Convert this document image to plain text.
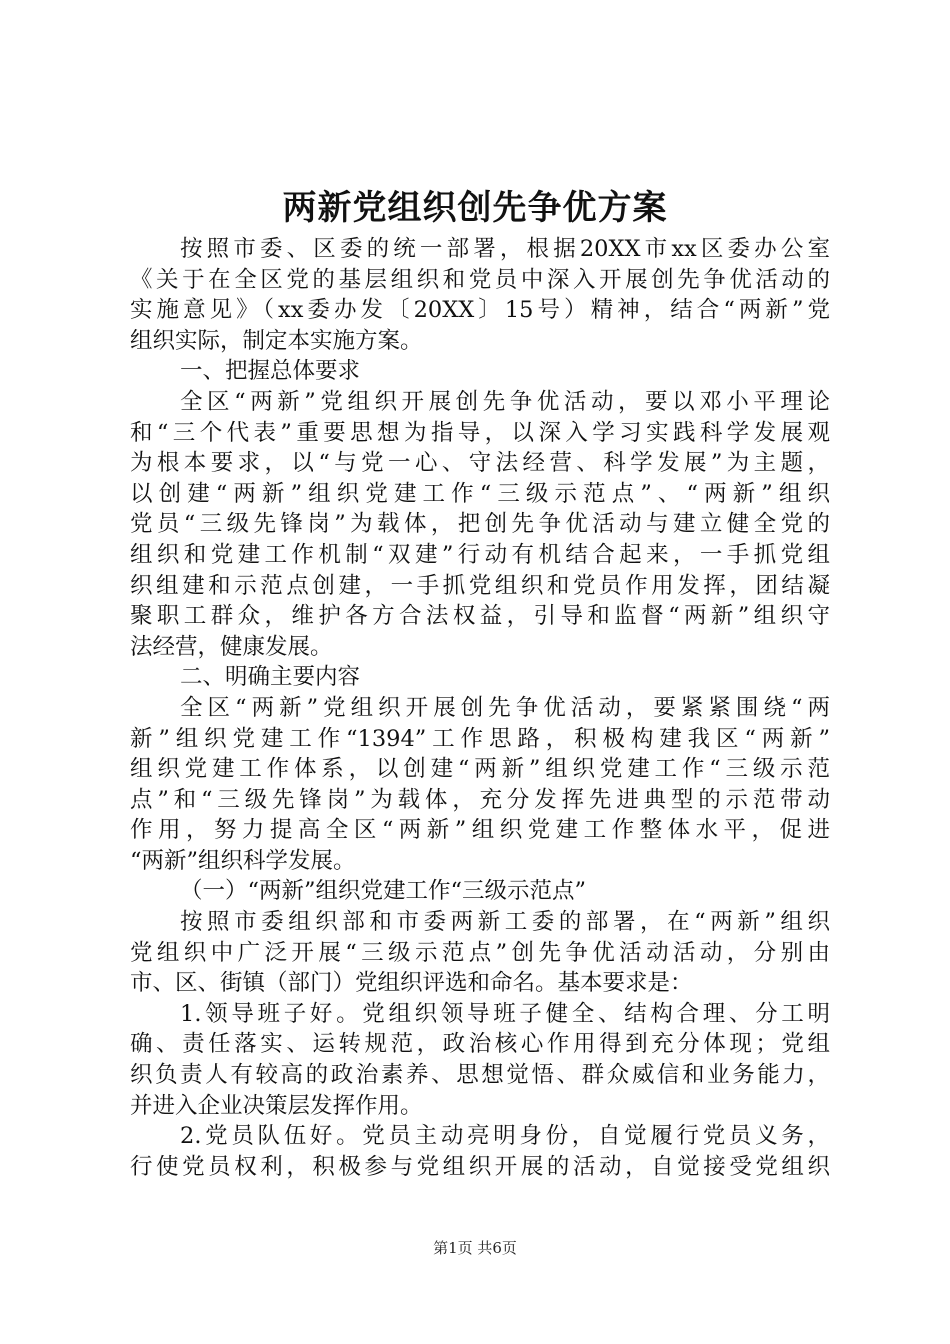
两新党组织创先争优方案
按照市委、区委的统一部署，根据20XX市xx区委办公室
《关于在全区党的基层组织和党员中深入开展创先争优活动的
实施意见》（xx委办发〔20XX〕15号）精神，结合“两新”党
组织实际，制定本实施方案。
一、把握总体要求
全区“两新”党组织开展创先争优活动，要以邓小平理论
和“三个代表”重要思想为指导，以深入学习实践科学发展观
为根本要求，以“与党一心、守法经营、科学发展”为主题，
以创建“两新”组织党建工作“三级示范点”、“两新”组织
党员“三级先锋岗”为载体，把创先争优活动与建立健全党的
组织和党建工作机制“双建”行动有机结合起来，一手抓党组
织组建和示范点创建，一手抓党组织和党员作用发挥，团结凝
聚职工群众，维护各方合法权益，引导和监督“两新”组织守
法经营，健康发展。
二、明确主要内容
全区“两新”党组织开展创先争优活动，要紧紧围绕“两
新”组织党建工作“1394”工作思路，积极构建我区“两新”
组织党建工作体系，以创建“两新”组织党建工作“三级示范
点”和“三级先锋岗”为载体，充分发挥先进典型的示范带动
作用，努力提高全区“两新”组织党建工作整体水平，促进
“两新”组织科学发展。
（一）“两新”组织党建工作“三级示范点”
按照市委组织部和市委两新工委的部署，在“两新”组织
党组织中广泛开展“三级示范点”创先争优活动活动，分别由
市、区、街镇（部门）党组织评选和命名。基本要求是：
1.领导班子好。党组织领导班子健全、结构合理、分工明
确、责任落实、运转规范，政治核心作用得到充分体现；党组
织负责人有较高的政治素养、思想觉悟、群众威信和业务能力，
并进入企业决策层发挥作用。
2.党员队伍好。党员主动亮明身份，自觉履行党员义务，
行使党员权利，积极参与党组织开展的活动，自觉接受党组织
第1页 共6页
